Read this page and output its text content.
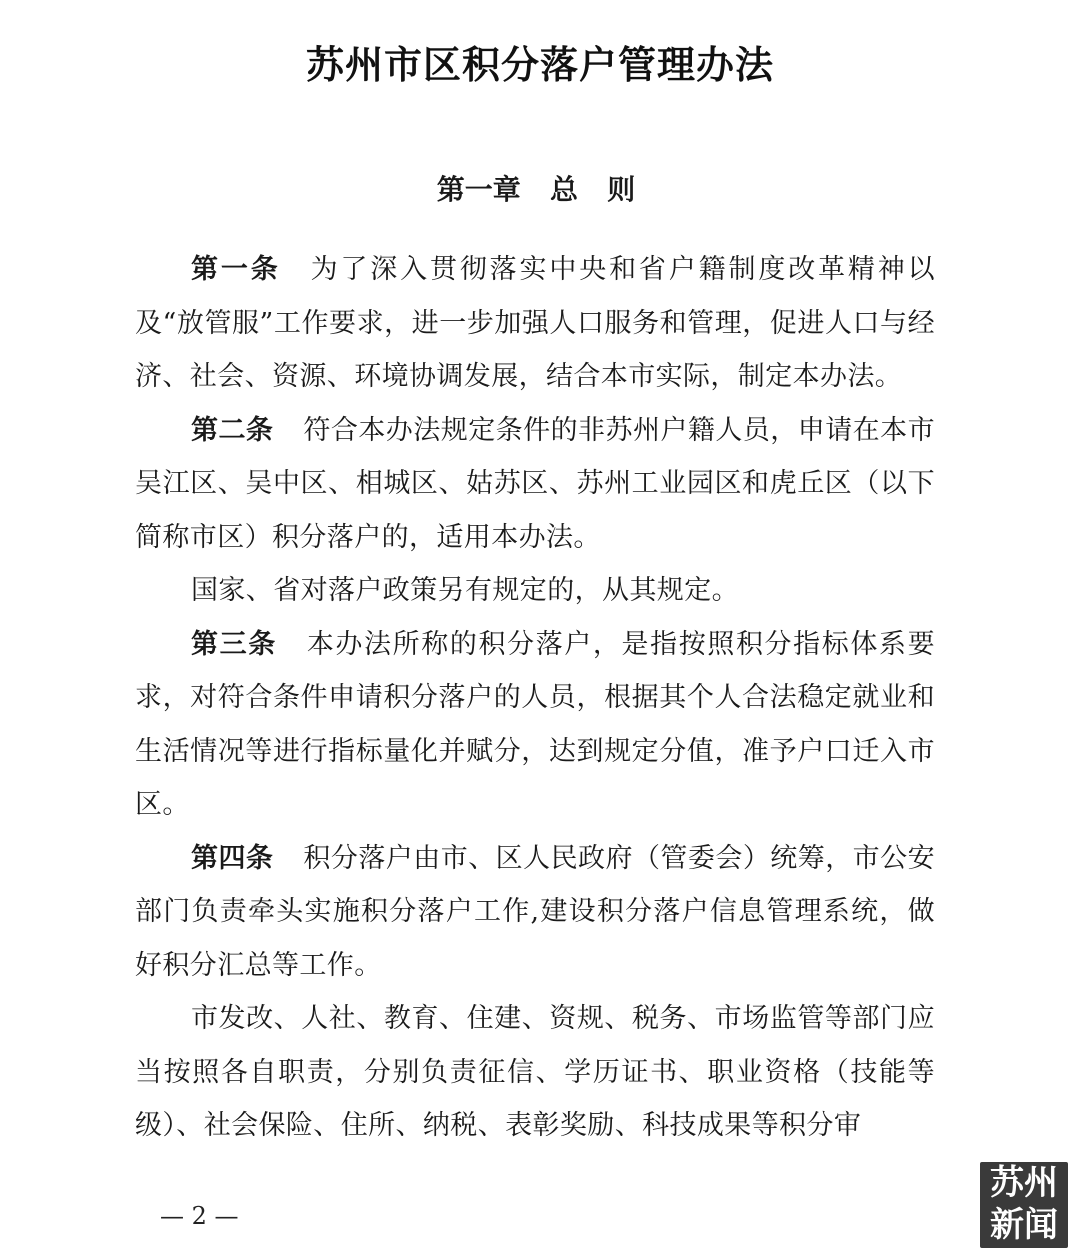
苏州市区积分落户管理办法
第一章   总   则

第一条 为了深入贯彻落实中央和省户籍制度改革精神以及“放管服”工作要求，进一步加强人口服务和管理，促进人口与经济、社会、资源、环境协调发展，结合本市实际，制定本办法。

第二条 符合本办法规定条件的非苏州户籍人员，申请在本市吴江区、吴中区、相城区、姑苏区、苏州工业园区和虎丘区（以下简称市区）积分落户的，适用本办法。

国家、省对落户政策另有规定的，从其规定。

第三条 本办法所称的积分落户，是指按照积分指标体系要求，对符合条件申请积分落户的人员，根据其个人合法稳定就业和生活情况等进行指标量化并赋分，达到规定分值，准予户口迁入市区。

第四条 积分落户由市、区人民政府（管委会）统筹，市公安部门负责牵头实施积分落户工作,建设积分落户信息管理系统，做好积分汇总等工作。

市发改、人社、教育、住建、资规、税务、市场监管等部门应当按照各自职责，分别负责征信、学历证书、职业资格（技能等级）、社会保险、住所、纳税、表彰奖励、科技成果等积分审

— 2 —
苏州
新闻
